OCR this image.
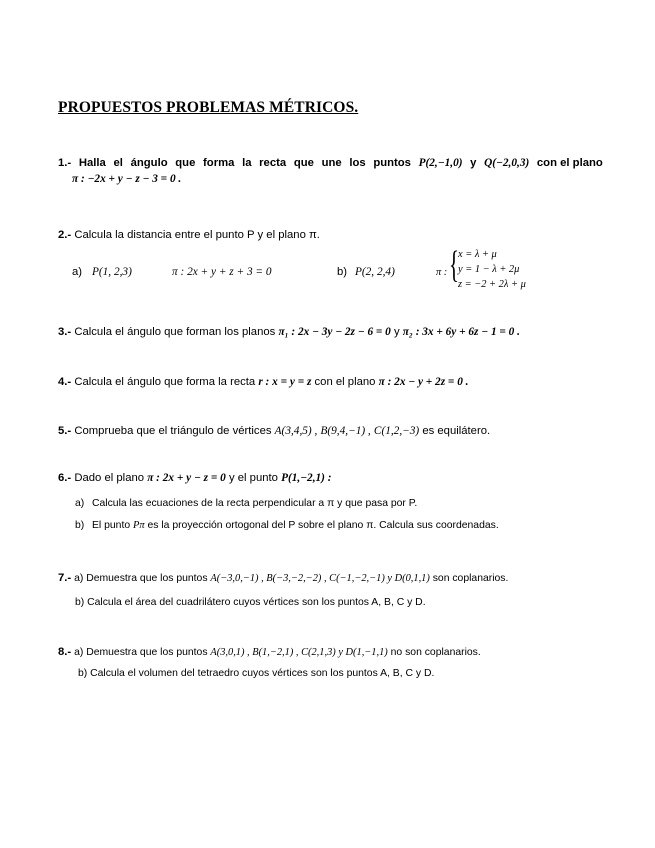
PROPUESTOS PROBLEMAS MÉTRICOS.
1.- Halla el ángulo que forma la recta que une los puntos P(2,−1,0) y Q(−2,0,3) con el plano
π : −2x + y − z − 3 = 0 .
2.- Calcula la distancia entre el punto P y el plano π.
a) P(1, 2,3)	π : 2x + y + z + 3 = 0	b) P(2, 2,4)	π : {
x = λ + μ
y = 1 − λ + 2μ
z = −2 + 2λ + μ
3.- Calcula el ángulo que forman los planos π₁ : 2x − 3y − 2z − 6 = 0 y π₂ : 3x + 6y + 6z − 1 = 0 .
4.- Calcula el ángulo que forma la recta r : x = y = z con el plano π : 2x − y + 2z = 0 .
5.- Comprueba que el triángulo de vértices A(3,4,5) , B(9,4,−1) , C(1,2,−3) es equilátero.
6.- Dado el plano π : 2x + y − z = 0 y el punto P(1,−2,1) :
a) Calcula las ecuaciones de la recta perpendicular a π y que pasa por P.
b) El punto Pπ es la proyección ortogonal del P sobre el plano π. Calcula sus coordenadas.
7.- a) Demuestra que los puntos A(−3,0,−1) , B(−3,−2,−2) , C(−1,−2,−1) y D(0,1,1) son coplanarios.
b) Calcula el área del cuadrilátero cuyos vértices son los puntos A, B, C y D.
8.- a) Demuestra que los puntos A(3,0,1) , B(1,−2,1) , C(2,1,3) y D(1,−1,1) no son coplanarios.
b) Calcula el volumen del tetraedro cuyos vértices son los puntos A, B, C y D.
